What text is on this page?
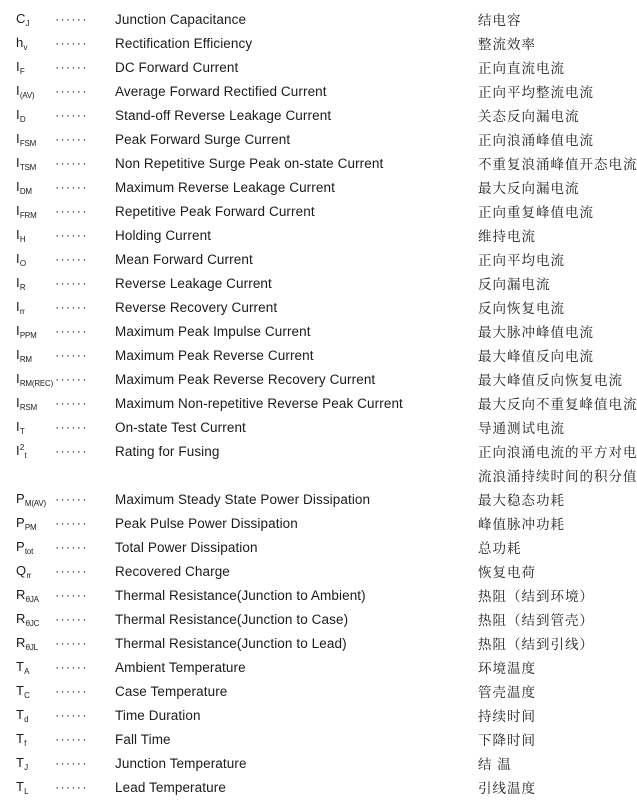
$C_J$	······	Junction Capacitance	结电容
$h_v$	······	Rectification Efficiency	整流效率
$I_F$	······	DC Forward Current	正向直流电流
$I_{(AV)}$	······	Average Forward Rectified Current	正向平均整流电流
$I_D$	······	Stand-off Reverse Leakage Current	关态反向漏电流
$I_{FSM}$	······	Peak Forward Surge Current	正向浪涌峰值电流
$I_{TSM}$	······	Non Repetitive Surge Peak on-state Current	不重复浪涌峰值开态电流
$I_{DM}$	······	Maximum Reverse Leakage Current	最大反向漏电流
$I_{FRM}$	······	Repetitive Peak Forward Current	正向重复峰值电流
$I_H$	······	Holding Current	维持电流
$I_O$	······	Mean Forward Current	正向平均电流
$I_R$	······	Reverse Leakage Current	反向漏电流
$I_{rr}$	······	Reverse Recovery Current	反向恢复电流
$I_{PPM}$	······	Maximum Peak Impulse Current	最大脉冲峰值电流
$I_{RM}$	······	Maximum Peak Reverse Current	最大峰值反向电流
$I_{RM(REC)}$ ······	Maximum Peak Reverse Recovery Current	最大峰值反向恢复电流
$I_{RSM}$	······	Maximum Non-repetitive Reverse Peak Current	最大反向不重复峰值电流
$I_T$	······	On-state Test Current	导通测试电流
$I^2_t$	······	Rating for Fusing	正向浪涌电流的平方对电
流浪涌持续时间的积分值
$P_{M(AV)}$ ······	Maximum Steady State Power Dissipation	最大稳态功耗
$P_{PM}$	······	Peak Pulse Power Dissipation	峰值脉冲功耗
$P_{tot}$	······	Total Power Dissipation	总功耗
$Q_{rr}$	······	Recovered Charge	恢复电荷
$R_{\theta JA}$	······	Thermal Resistance(Junction to Ambient)	热阻（结到环境）
$R_{\theta JC}$	······	Thermal Resistance(Junction to Case)	热阻（结到管壳）
$R_{\theta JL}$	······	Thermal Resistance(Junction to Lead)	热阻（结到引线）
$T_A$	······	Ambient Temperature	环境温度
$T_C$	······	Case Temperature	管壳温度
$T_d$	······	Time Duration	持续时间
$T_f$	······	Fall Time	下降时间
$T_J$	······	Junction Temperature	结 温
$T_L$	······	Lead Temperature	引线温度
